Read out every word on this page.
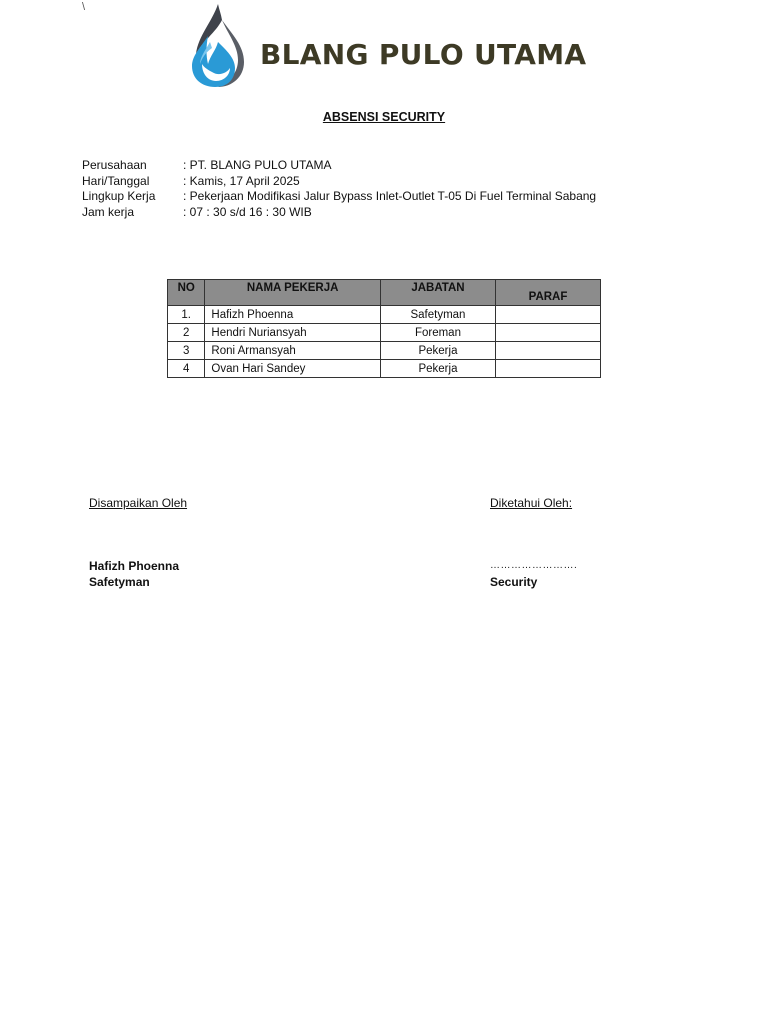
\
BLANG PULO UTAMA
ABSENSI SECURITY
Perusahaan	: PT. BLANG PULO UTAMA
Hari/Tanggal	: Kamis, 17 April 2025
Lingkup Kerja	: Pekerjaan Modifikasi Jalur Bypass Inlet-Outlet T-05 Di Fuel Terminal Sabang
Jam kerja	: 07 : 30 s/d 16 : 30 WIB
NO	NAMA PEKERJA	JABATAN	PARAF
1.	Hafizh Phoenna	Safetyman	
2	Hendri Nuriansyah	Foreman	
3	Roni Armansyah	Pekerja	
4	Ovan Hari Sandey	Pekerja	
Disampaikan Oleh	Diketahui Oleh:
Hafizh Phoenna
Safetyman
…………………….
Security
